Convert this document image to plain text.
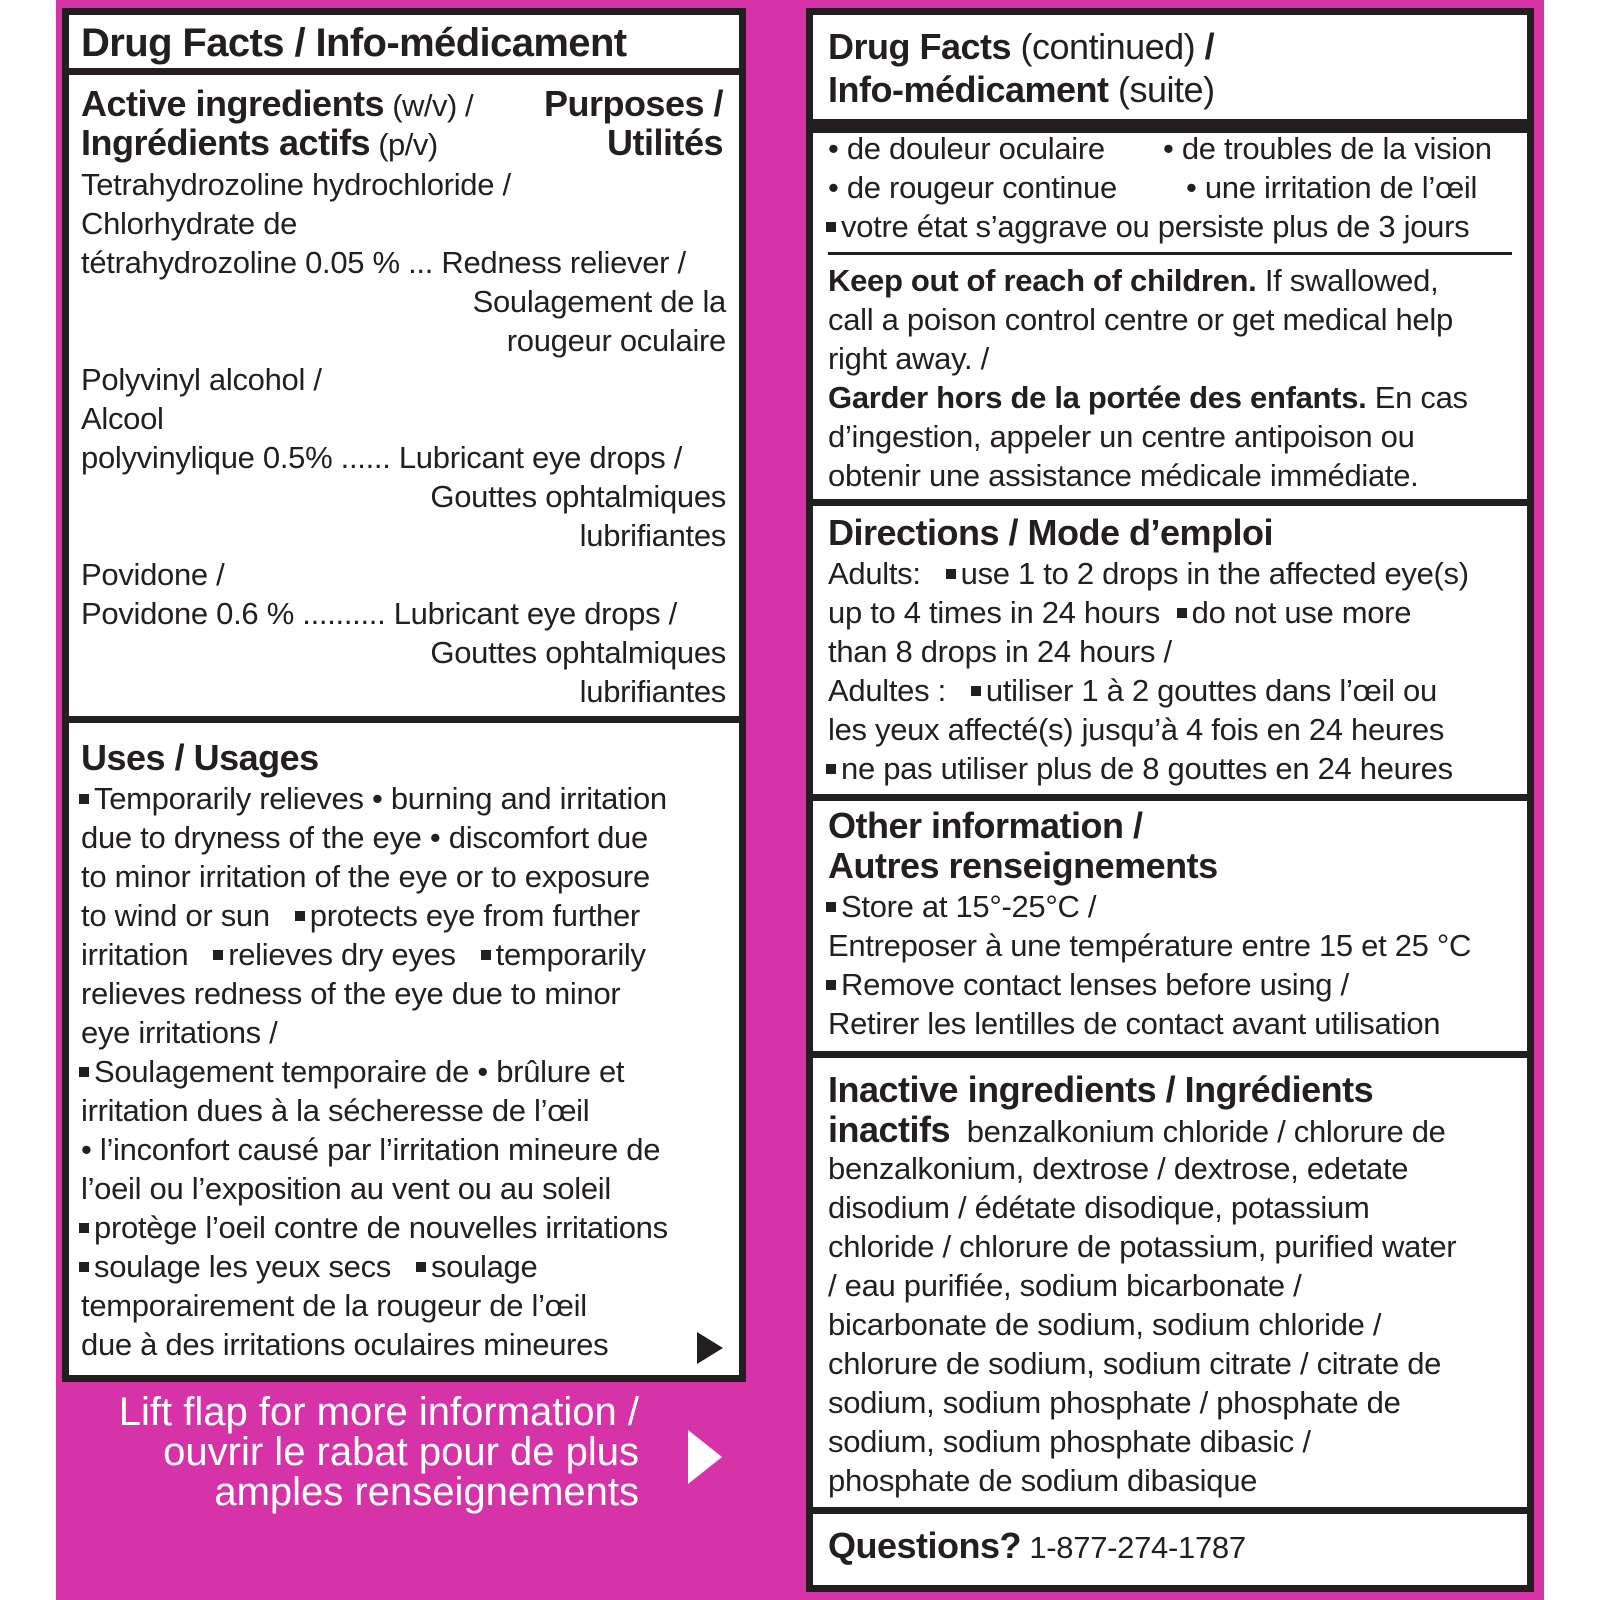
Drug Facts / Info-médicament
Active ingredients (w/v) /
Ingrédients actifs (p/v)
Purposes /
Utilités
Tetrahydrozoline hydrochloride /
Chlorhydrate de
tétrahydrozoline 0.05 % ... Redness reliever /
Soulagement de la
rougeur oculaire
Polyvinyl alcohol /
Alcool
polyvinylique 0.5% ...... Lubricant eye drops /
Gouttes ophtalmiques
lubrifiantes
Povidone /
Povidone 0.6 % .......... Lubricant eye drops /
Gouttes ophtalmiques
lubrifiantes
Uses / Usages
Temporarily relieves • burning and irritation
due to dryness of the eye • discomfort due
to minor irritation of the eye or to exposure
to wind or sun protects eye from further
irritation relieves dry eyes temporarily
relieves redness of the eye due to minor
eye irritations /
Soulagement temporaire de • brûlure et
irritation dues à la sécheresse de l’œil
• l’inconfort causé par l’irritation mineure de
l’oeil ou l’exposition au vent ou au soleil
protège l’oeil contre de nouvelles irritations
soulage les yeux secs soulage
temporairement de la rougeur de l’œil
due à des irritations oculaires mineures
Lift flap for more information /
ouvrir le rabat pour de plus
amples renseignements
Drug Facts (continued) /
Info-médicament (suite)
• de douleur oculaire • de troubles de la vision
• de rougeur continue • une irritation de l’œil
votre état s’aggrave ou persiste plus de 3 jours
Keep out of reach of children. If swallowed,
call a poison control centre or get medical help
right away. /
Garder hors de la portée des enfants. En cas
d’ingestion, appeler un centre antipoison ou
obtenir une assistance médicale immédiate.
Directions / Mode d’emploi
Adults: use 1 to 2 drops in the affected eye(s)
up to 4 times in 24 hours do not use more
than 8 drops in 24 hours /
Adultes : utiliser 1 à 2 gouttes dans l’œil ou
les yeux affecté(s) jusqu’à 4 fois en 24 heures
ne pas utiliser plus de 8 gouttes en 24 heures
Other information /
Autres renseignements
Store at 15°-25°C /
Entreposer à une température entre 15 et 25 °C
Remove contact lenses before using /
Retirer les lentilles de contact avant utilisation
Inactive ingredients / Ingrédients
inactifs benzalkonium chloride / chlorure de
benzalkonium, dextrose / dextrose, edetate
disodium / édétate disodique, potassium
chloride / chlorure de potassium, purified water
/ eau purifiée, sodium bicarbonate /
bicarbonate de sodium, sodium chloride /
chlorure de sodium, sodium citrate / citrate de
sodium, sodium phosphate / phosphate de
sodium, sodium phosphate dibasic /
phosphate de sodium dibasique
Questions? 1-877-274-1787
